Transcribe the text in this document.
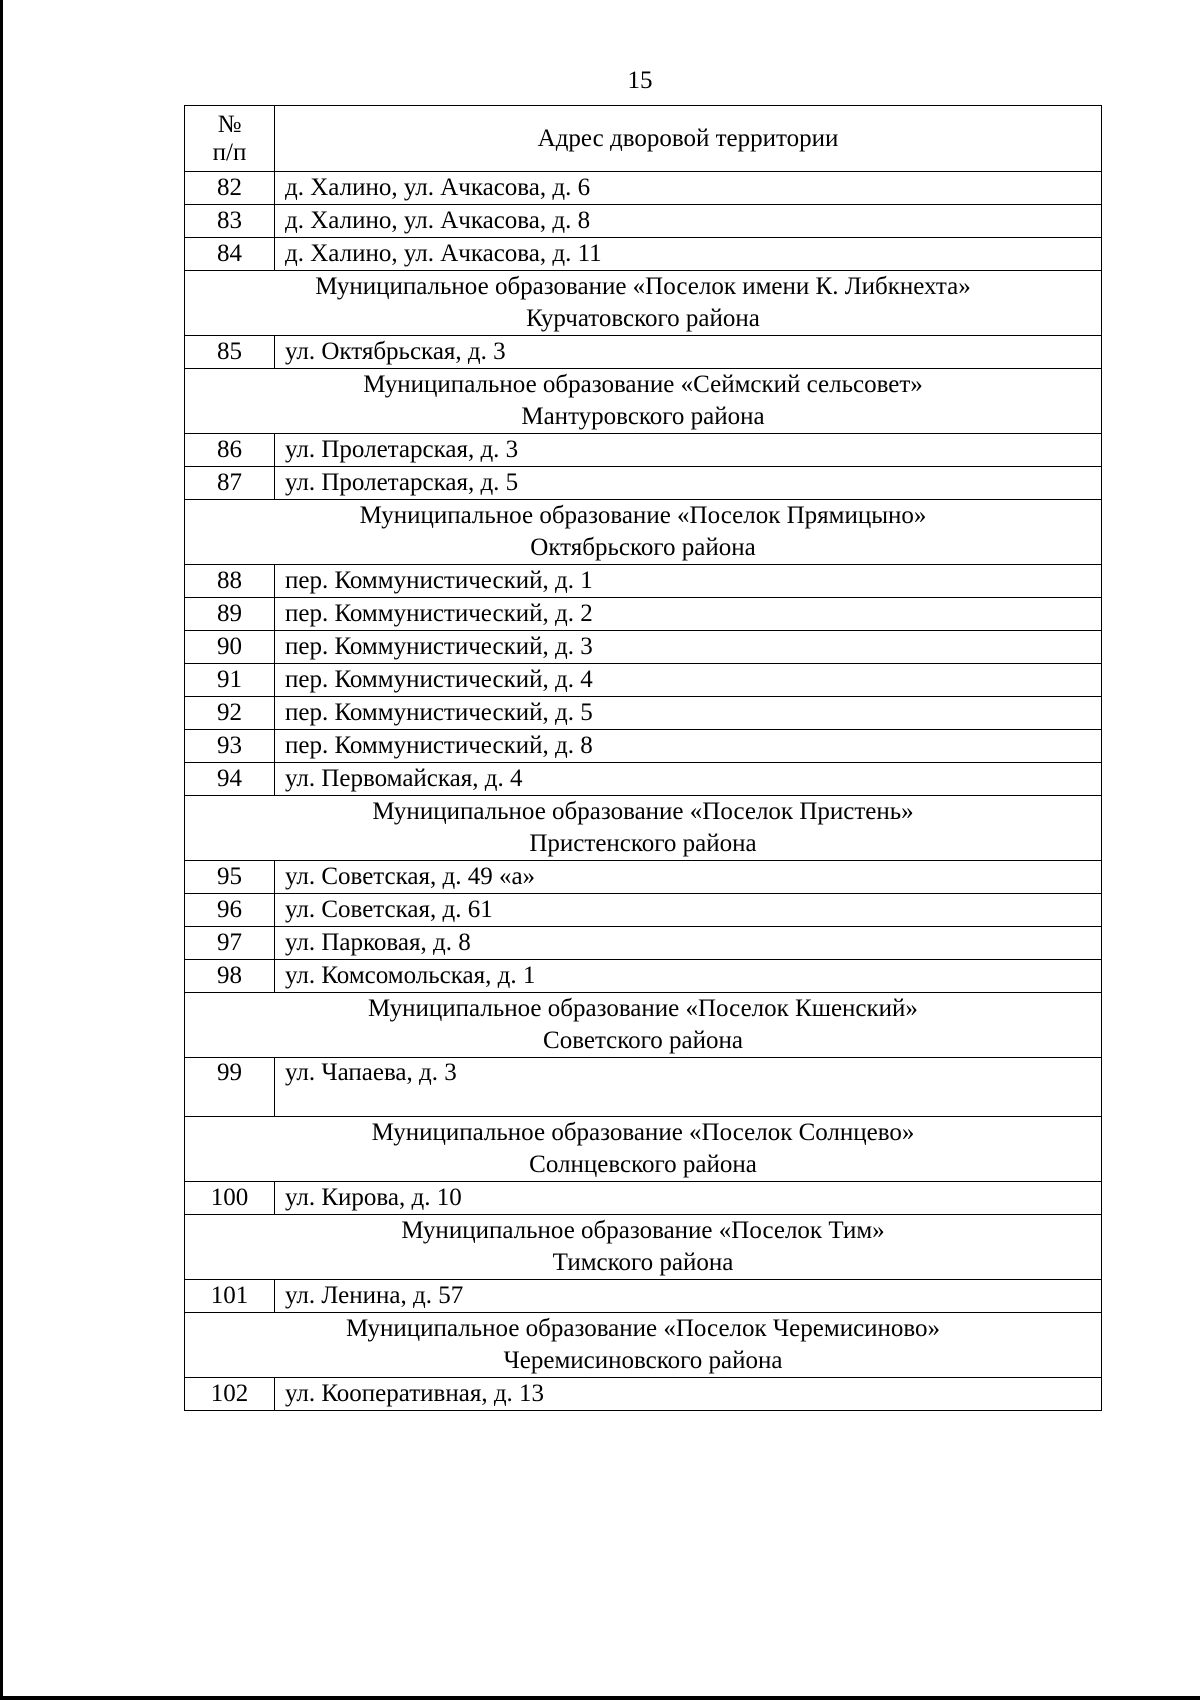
15
№
п/п	Адрес дворовой территории
82	д. Халино, ул. Ачкасова, д. 6
83	д. Халино, ул. Ачкасова, д. 8
84	д. Халино, ул. Ачкасова, д. 11
Муниципальное образование «Поселок имени К. Либкнехта»
Курчатовского района	
85	ул. Октябрьская, д. 3
Муниципальное образование «Сеймский сельсовет»
Мантуровского района	
86	ул. Пролетарская, д. 3
87	ул. Пролетарская, д. 5
Муниципальное образование «Поселок Прямицыно»
Октябрьского района	
88	пер. Коммунистический, д. 1
89	пер. Коммунистический, д. 2
90	пер. Коммунистический, д. 3
91	пер. Коммунистический, д. 4
92	пер. Коммунистический, д. 5
93	пер. Коммунистический, д. 8
94	ул. Первомайская, д. 4
Муниципальное образование «Поселок Пристень»
Пристенского района	
95	ул. Советская, д. 49 «а»
96	ул. Советская, д. 61
97	ул. Парковая, д. 8
98	ул. Комсомольская, д. 1
Муниципальное образование «Поселок Кшенский»
Советского района	
99	ул. Чапаева, д. 3
Муниципальное образование «Поселок Солнцево»
Солнцевского района	
100	ул. Кирова, д. 10
Муниципальное образование «Поселок Тим»
Тимского района	
101	ул. Ленина, д. 57
Муниципальное образование «Поселок Черемисиново»
Черемисиновского района	
102	ул. Кооперативная, д. 13
